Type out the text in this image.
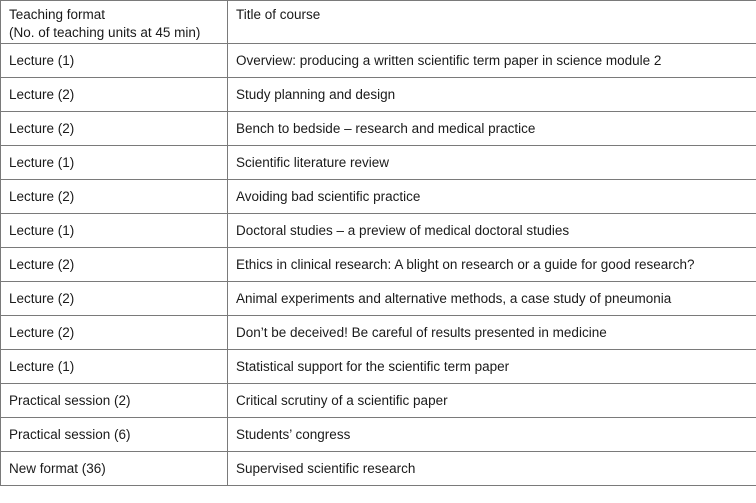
Teaching format
(No. of teaching units at 45 min)	Title of course
Lecture (1)	Overview: producing a written scientific term paper in science module 2
Lecture (2)	Study planning and design
Lecture (2)	Bench to bedside – research and medical practice
Lecture (1)	Scientific literature review
Lecture (2)	Avoiding bad scientific practice
Lecture (1)	Doctoral studies – a preview of medical doctoral studies
Lecture (2)	Ethics in clinical research: A blight on research or a guide for good research?
Lecture (2)	Animal experiments and alternative methods, a case study of pneumonia
Lecture (2)	Don’t be deceived! Be careful of results presented in medicine
Lecture (1)	Statistical support for the scientific term paper
Practical session (2)	Critical scrutiny of a scientific paper
Practical session (6)	Students’ congress
New format (36)	Supervised scientific research
